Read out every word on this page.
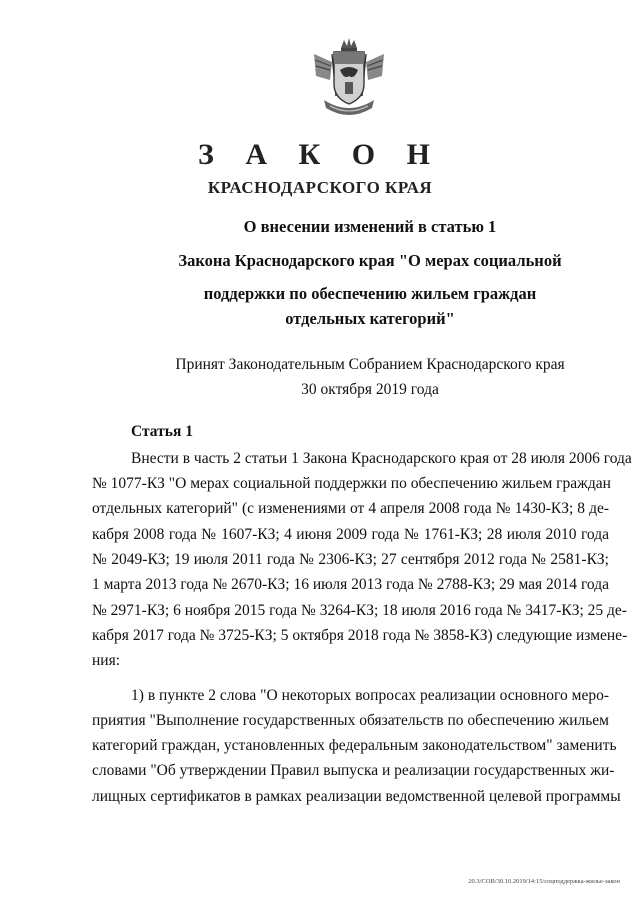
З А К О Н
КРАСНОДАРСКОГО КРАЯ
О внесении изменений в статью 1
Закона Краснодарского края "О мерах социальной
поддержки по обеспечению жильем граждан
отдельных категорий"
Принят Законодательным Собранием Краснодарского края
30 октября 2019 года
Статья 1
Внести в часть 2 статьи 1 Закона Краснодарского края от 28 июля 2006 года
№ 1077-КЗ "О мерах социальной поддержки по обеспечению жильем граждан
отдельных категорий" (с изменениями от 4 апреля 2008 года № 1430-КЗ; 8 де-
кабря 2008 года № 1607-КЗ; 4 июня 2009 года № 1761-КЗ; 28 июля 2010 года
№ 2049-КЗ; 19 июля 2011 года № 2306-КЗ; 27 сентября 2012 года № 2581-КЗ;
1 марта 2013 года № 2670-КЗ; 16 июля 2013 года № 2788-КЗ; 29 мая 2014 года
№ 2971-КЗ; 6 ноября 2015 года № 3264-КЗ; 18 июля 2016 года № 3417-КЗ; 25 де-
кабря 2017 года № 3725-КЗ; 5 октября 2018 года № 3858-КЗ) следующие измене-
ния:
1) в пункте 2 слова "О некоторых вопросах реализации основного меро-
приятия "Выполнение государственных обязательств по обеспечению жильем
категорий граждан, установленных федеральным законодательством" заменить
словами "Об утверждении Правил выпуска и реализации государственных жи-
лищных сертификатов в рамках реализации ведомственной целевой программы
20.3/СОВ/30.10.2019/14:15/соцподдержка-жилье-закон
